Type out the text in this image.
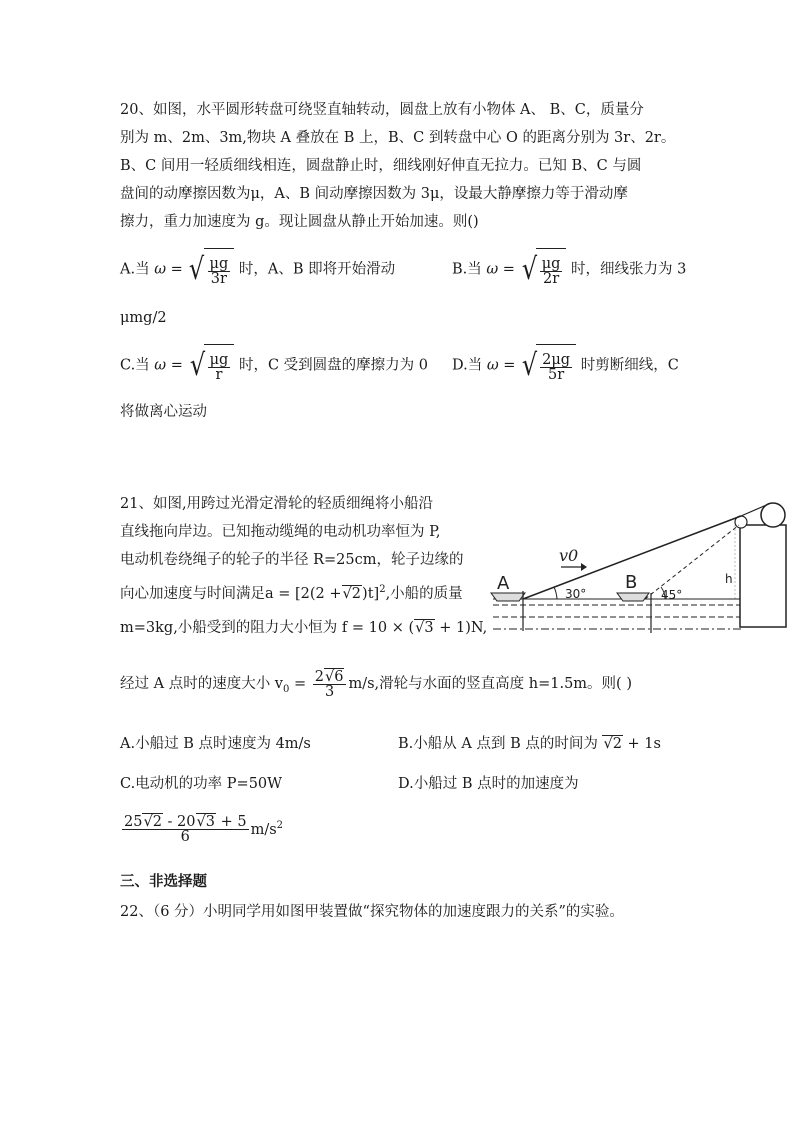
20、如图，水平圆形转盘可绕竖直轴转动，圆盘上放有小物体 A、 B、C，质量分
别为 m、2m、3m,物块 A 叠放在 B 上，B、C 到转盘中心 O 的距离分别为 3r、2r。
B、C 间用一轻质细线相连，圆盘静止时，细线刚好伸直无拉力。已知 B、C 与圆
盘间的动摩擦因数为μ，A、B 间动摩擦因数为 3μ，设最大静摩擦力等于滑动摩
擦力，重力加速度为 g。现让圆盘从静止开始加速。则()
A.当 ω = √ $\frac{\mu g}{3r}$ 时，A、B 即将开始滑动	B.当 ω = √ $\frac{\mu g}{2r}$ 时，细线张力为 3
μmg/2
C.当 ω = √ $\frac{\mu g}{r}$ 时，C 受到圆盘的摩擦力为 0 D.当 ω = √ $\frac{2\mu g}{5r}$ 时剪断细线，C
将做离心运动
21、如图,用跨过光滑定滑轮的轻质细绳将小船沿
直线拖向岸边。已知拖动缆绳的电动机功率恒为 P,
电动机卷绕绳子的轮子的半径 R=25cm，轮子边缘的
向心加速度与时间满足$a = [2(2 +√2)t]^2$,小船的质量
m=3kg,小船受到的阻力大小恒为 f = 10 × (√3 + 1)N,
经过 A 点时的速度大小 $v_0 = \frac{2√6}{3} m/s$,滑轮与水面的竖直高度 h=1.5m。则( )
A	B
v0
30°	45°
h
A.小船过 B 点时速度为 4m/s	B.小船从 A 点到 B 点的时间为 √2 + 1s
C.电动机的功率 P=50W	D.小船过 B 点时的加速度为
$\frac{25√2 - 20√3 + 5}{6} m/s^2$
三、非选择题
22、（6 分）小明同学用如图甲装置做“探究物体的加速度跟力的关系”的实验。
